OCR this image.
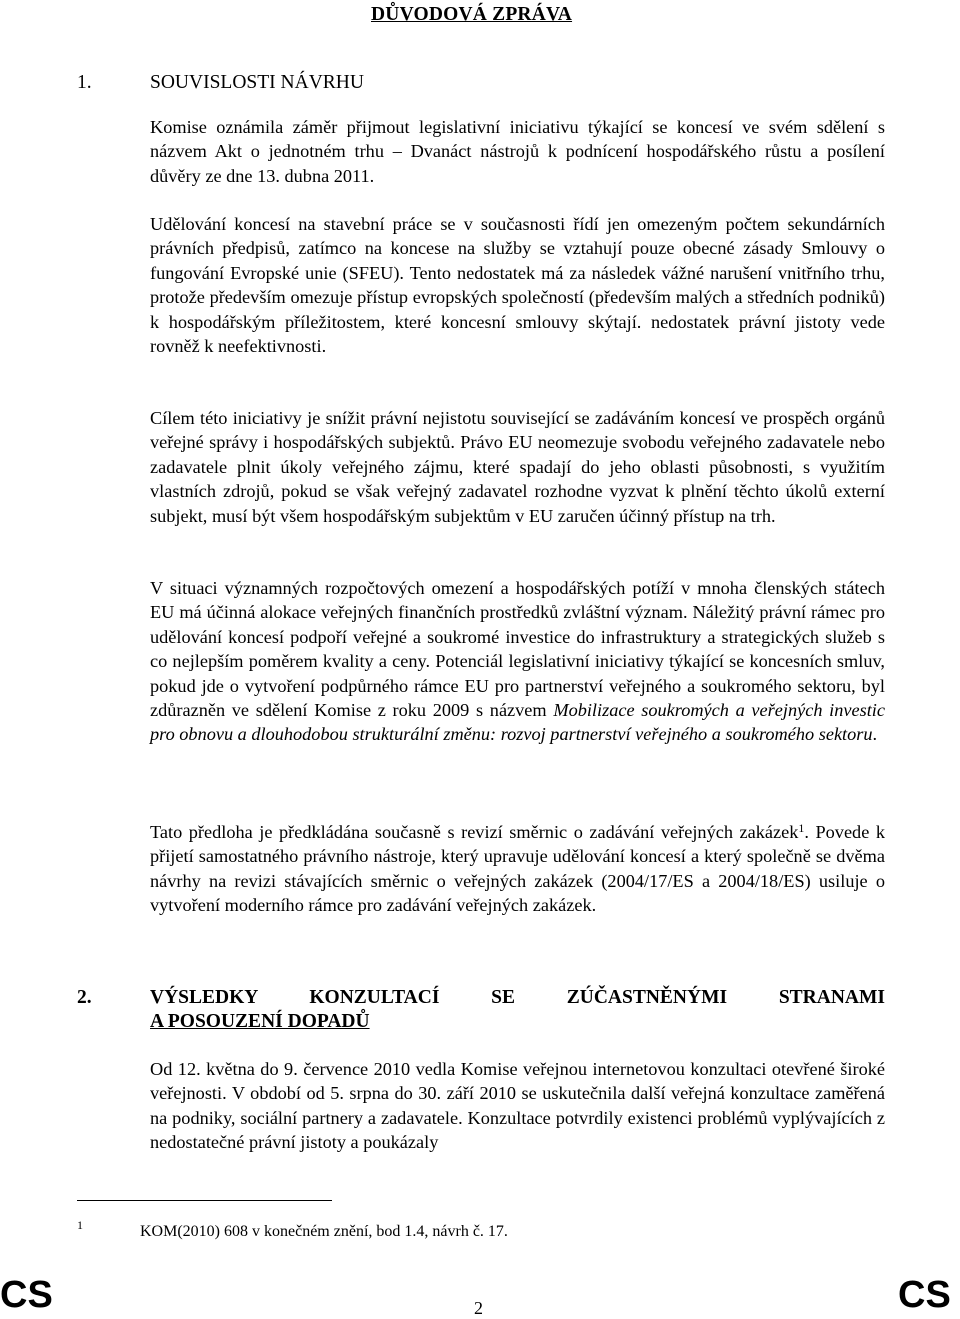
DŮVODOVÁ ZPRÁVA
1.	SOUVISLOSTI NÁVRHU

Komise oznámila záměr přijmout legislativní iniciativu týkající se koncesí ve svém sdělení s názvem Akt o jednotném trhu – Dvanáct nástrojů k podnícení hospodářského růstu a posílení důvěry ze dne 13. dubna 2011.

Udělování koncesí na stavební práce se v současnosti řídí jen omezeným počtem sekundárních právních předpisů, zatímco na koncese na služby se vztahují pouze obecné zásady Smlouvy o fungování Evropské unie (SFEU). Tento nedostatek má za následek vážné narušení vnitřního trhu, protože především omezuje přístup evropských společností (především malých a středních podniků) k hospodářským příležitostem, které koncesní smlouvy skýtají. nedostatek právní jistoty vede rovněž k neefektivnosti.

Cílem této iniciativy je snížit právní nejistotu související se zadáváním koncesí ve prospěch orgánů veřejné správy i hospodářských subjektů. Právo EU neomezuje svobodu veřejného zadavatele nebo zadavatele plnit úkoly veřejného zájmu, které spadají do jeho oblasti působnosti, s využitím vlastních zdrojů, pokud se však veřejný zadavatel rozhodne vyzvat k plnění těchto úkolů externí subjekt, musí být všem hospodářským subjektům v EU zaručen účinný přístup na trh.

V situaci významných rozpočtových omezení a hospodářských potíží v mnoha členských státech EU má účinná alokace veřejných finančních prostředků zvláštní význam. Náležitý právní rámec pro udělování koncesí podpoří veřejné a soukromé investice do infrastruktury a strategických služeb s co nejlepším poměrem kvality a ceny. Potenciál legislativní iniciativy týkající se koncesních smluv, pokud jde o vytvoření podpůrného rámce EU pro partnerství veřejného a soukromého sektoru, byl zdůrazněn ve sdělení Komise z roku 2009 s názvem Mobilizace soukromých a veřejných investic pro obnovu a dlouhodobou strukturální změnu: rozvoj partnerství veřejného a soukromého sektoru.

Tato předloha je předkládána současně s revizí směrnic o zadávání veřejných zakázek$^1$. Povede k přijetí samostatného právního nástroje, který upravuje udělování koncesí a který společně se dvěma návrhy na revizi stávajících směrnic o veřejných zakázek (2004/17/ES a 2004/18/ES) usiluje o vytvoření moderního rámce pro zadávání veřejných zakázek.

2.	VÝSLEDKY KONZULTACÍ SE ZÚČASTNĚNÝMI STRANAMI
A POSOUZENÍ DOPADŮ

Od 12. května do 9. července 2010 vedla Komise veřejnou internetovou konzultaci otevřené široké veřejnosti. V období od 5. srpna do 30. září 2010 se uskutečnila další veřejná konzultace zaměřená na podniky, sociální partnery a zadavatele. Konzultace potvrdily existenci problémů vyplývajících z nedostatečné právní jistoty a poukázaly

1	KOM(2010) 608 v konečném znění, bod 1.4, návrh č. 17.
CS	2	CS
